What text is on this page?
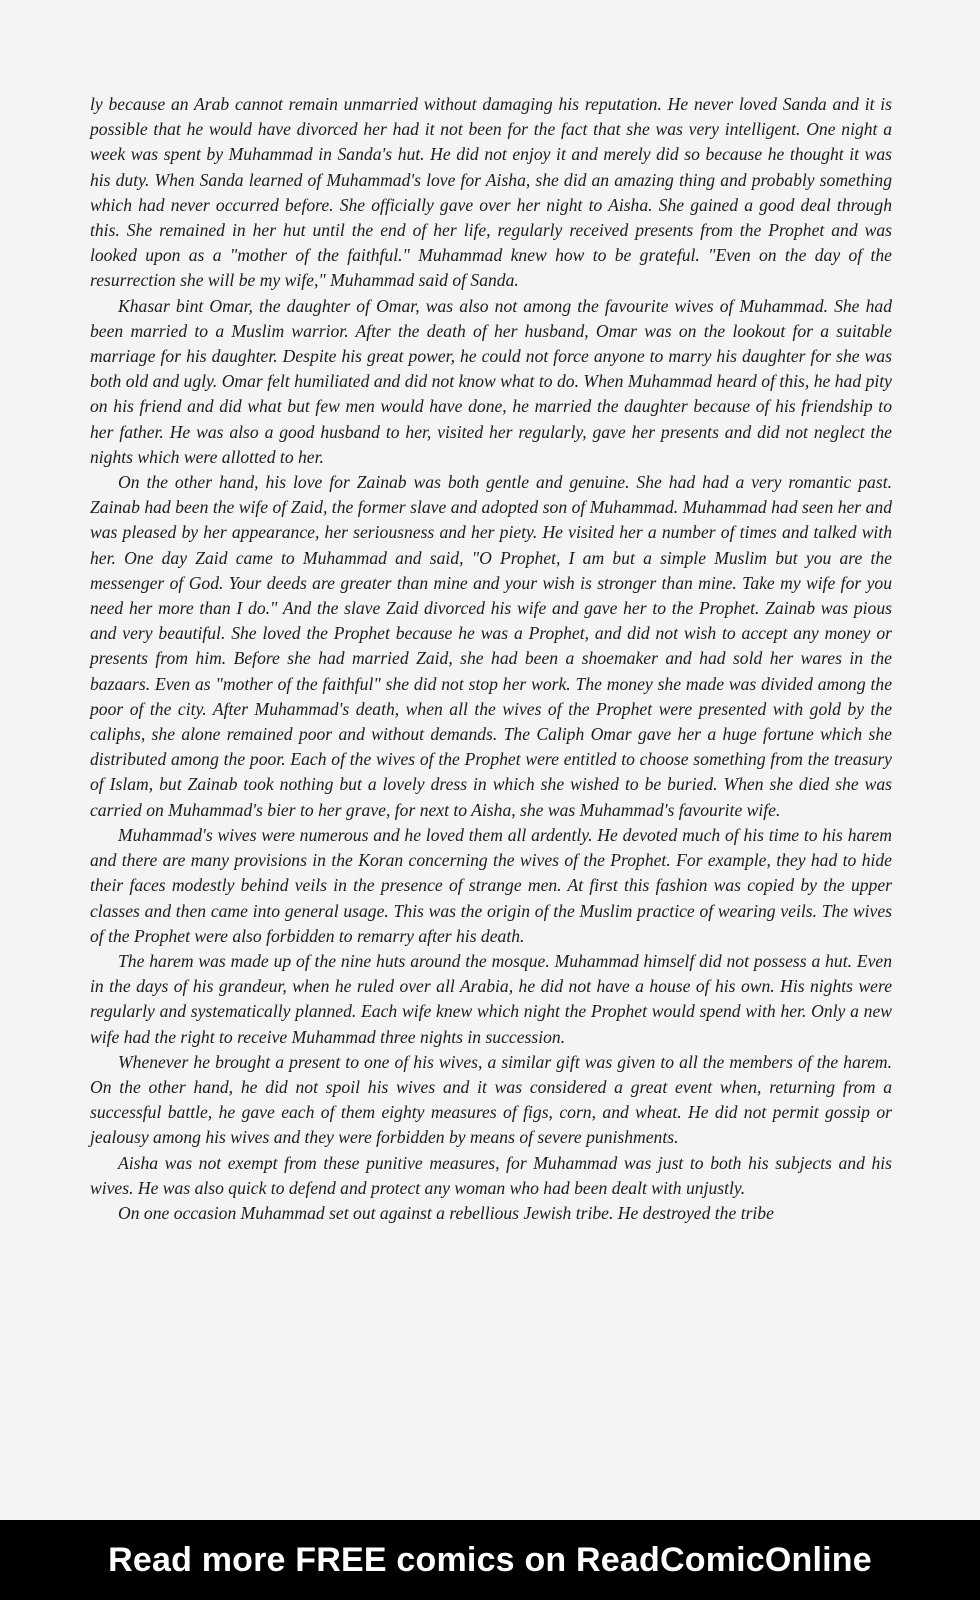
ly because an Arab cannot remain unmarried without damaging his reputation. He never loved Sanda and it is possible that he would have divorced her had it not been for the fact that she was very intelligent. One night a week was spent by Muhammad in Sanda's hut. He did not enjoy it and merely did so because he thought it was his duty. When Sanda learned of Muhammad's love for Aisha, she did an amazing thing and probably something which had never occurred before. She officially gave over her night to Aisha. She gained a good deal through this. She remained in her hut until the end of her life, regularly received presents from the Prophet and was looked upon as a "mother of the faithful." Muhammad knew how to be grateful. "Even on the day of the resurrection she will be my wife," Muhammad said of Sanda.

Khasar bint Omar, the daughter of Omar, was also not among the favourite wives of Muhammad. She had been married to a Muslim warrior. After the death of her husband, Omar was on the lookout for a suitable marriage for his daughter. Despite his great power, he could not force anyone to marry his daughter for she was both old and ugly. Omar felt humiliated and did not know what to do. When Muhammad heard of this, he had pity on his friend and did what but few men would have done, he married the daughter because of his friendship to her father. He was also a good husband to her, visited her regularly, gave her presents and did not neglect the nights which were allotted to her.

On the other hand, his love for Zainab was both gentle and genuine. She had had a very romantic past. Zainab had been the wife of Zaid, the former slave and adopted son of Muhammad. Muhammad had seen her and was pleased by her appearance, her seriousness and her piety. He visited her a number of times and talked with her. One day Zaid came to Muhammad and said, "O Prophet, I am but a simple Muslim but you are the messenger of God. Your deeds are greater than mine and your wish is stronger than mine. Take my wife for you need her more than I do." And the slave Zaid divorced his wife and gave her to the Prophet. Zainab was pious and very beautiful. She loved the Prophet because he was a Prophet, and did not wish to accept any money or presents from him. Before she had married Zaid, she had been a shoemaker and had sold her wares in the bazaars. Even as "mother of the faithful" she did not stop her work. The money she made was divided among the poor of the city. After Muhammad's death, when all the wives of the Prophet were presented with gold by the caliphs, she alone remained poor and without demands. The Caliph Omar gave her a huge fortune which she distributed among the poor. Each of the wives of the Prophet were entitled to choose something from the treasury of Islam, but Zainab took nothing but a lovely dress in which she wished to be buried. When she died she was carried on Muhammad's bier to her grave, for next to Aisha, she was Muhammad's favourite wife.

Muhammad's wives were numerous and he loved them all ardently. He devoted much of his time to his harem and there are many provisions in the Koran concerning the wives of the Prophet. For example, they had to hide their faces modestly behind veils in the presence of strange men. At first this fashion was copied by the upper classes and then came into general usage. This was the origin of the Muslim practice of wearing veils. The wives of the Prophet were also forbidden to remarry after his death.

The harem was made up of the nine huts around the mosque. Muhammad himself did not possess a hut. Even in the days of his grandeur, when he ruled over all Arabia, he did not have a house of his own. His nights were regularly and systematically planned. Each wife knew which night the Prophet would spend with her. Only a new wife had the right to receive Muhammad three nights in succession.

Whenever he brought a present to one of his wives, a similar gift was given to all the members of the harem. On the other hand, he did not spoil his wives and it was considered a great event when, returning from a successful battle, he gave each of them eighty measures of figs, corn, and wheat. He did not permit gossip or jealousy among his wives and they were forbidden by means of severe punishments.

Aisha was not exempt from these punitive measures, for Muhammad was just to both his subjects and his wives. He was also quick to defend and protect any woman who had been dealt with unjustly.

On one occasion Muhammad set out against a rebellious Jewish tribe. He destroyed the tribe

Read more FREE comics on ReadComicOnline
